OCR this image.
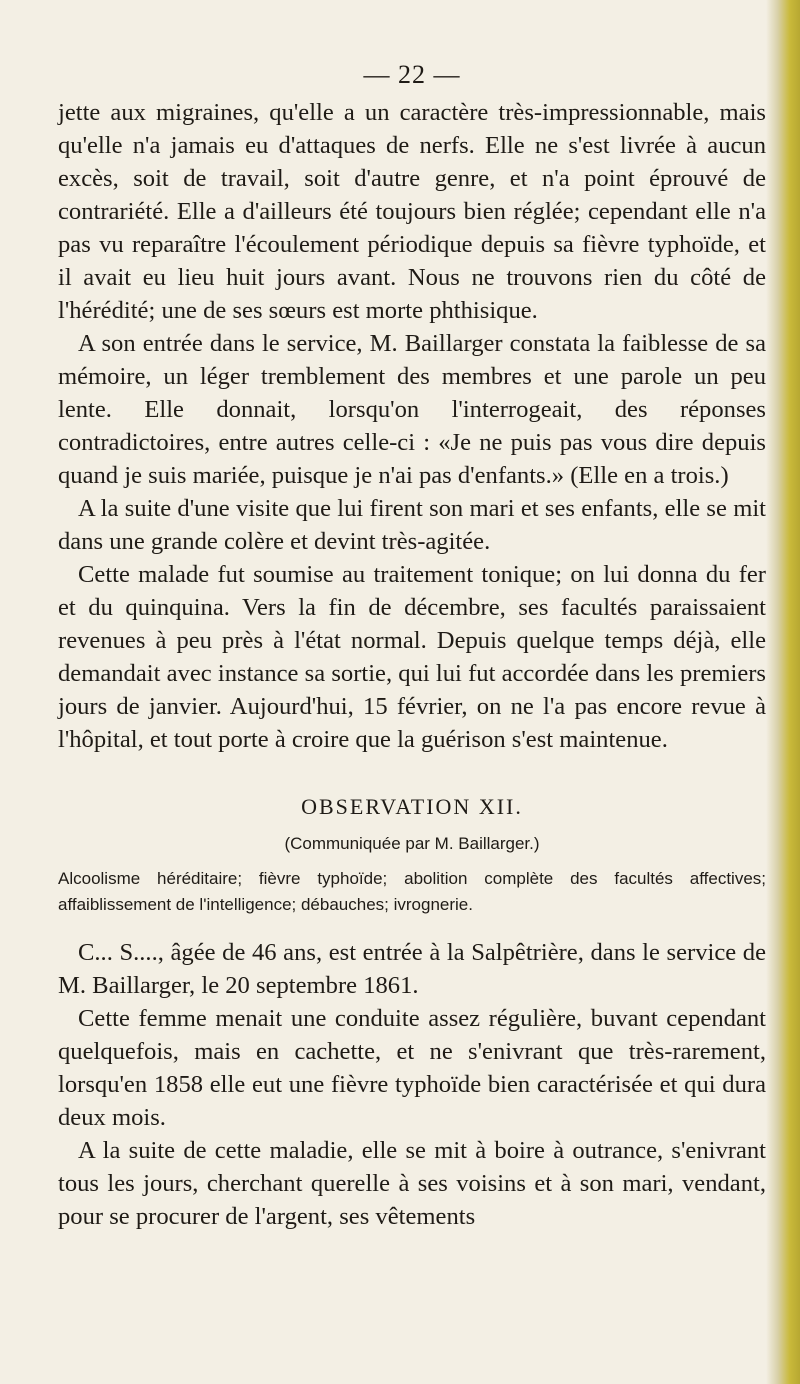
— 22 —

jette aux migraines, qu'elle a un caractère très-impressionnable, mais qu'elle n'a jamais eu d'attaques de nerfs. Elle ne s'est livrée à aucun excès, soit de travail, soit d'autre genre, et n'a point éprouvé de contrariété. Elle a d'ailleurs été toujours bien réglée; cependant elle n'a pas vu reparaître l'écoulement périodique depuis sa fièvre typhoïde, et il avait eu lieu huit jours avant. Nous ne trouvons rien du côté de l'hérédité; une de ses sœurs est morte phthisique.

A son entrée dans le service, M. Baillarger constata la faiblesse de sa mémoire, un léger tremblement des membres et une parole un peu lente. Elle donnait, lorsqu'on l'interrogeait, des réponses contradictoires, entre autres celle-ci : «Je ne puis pas vous dire depuis quand je suis mariée, puisque je n'ai pas d'enfants.» (Elle en a trois.)

A la suite d'une visite que lui firent son mari et ses enfants, elle se mit dans une grande colère et devint très-agitée.

Cette malade fut soumise au traitement tonique; on lui donna du fer et du quinquina. Vers la fin de décembre, ses facultés paraissaient revenues à peu près à l'état normal. Depuis quelque temps déjà, elle demandait avec instance sa sortie, qui lui fut accordée dans les premiers jours de janvier. Aujourd'hui, 15 février, on ne l'a pas encore revue à l'hôpital, et tout porte à croire que la guérison s'est maintenue.

OBSERVATION XII.
(Communiquée par M. Baillarger.)

Alcoolisme héréditaire; fièvre typhoïde; abolition complète des facultés affectives; affaiblissement de l'intelligence; débauches; ivrognerie.

C... S...., âgée de 46 ans, est entrée à la Salpêtrière, dans le service de M. Baillarger, le 20 septembre 1861.

Cette femme menait une conduite assez régulière, buvant cependant quelquefois, mais en cachette, et ne s'enivrant que très-rarement, lorsqu'en 1858 elle eut une fièvre typhoïde bien caractérisée et qui dura deux mois.

A la suite de cette maladie, elle se mit à boire à outrance, s'enivrant tous les jours, cherchant querelle à ses voisins et à son mari, vendant, pour se procurer de l'argent, ses vêtements
